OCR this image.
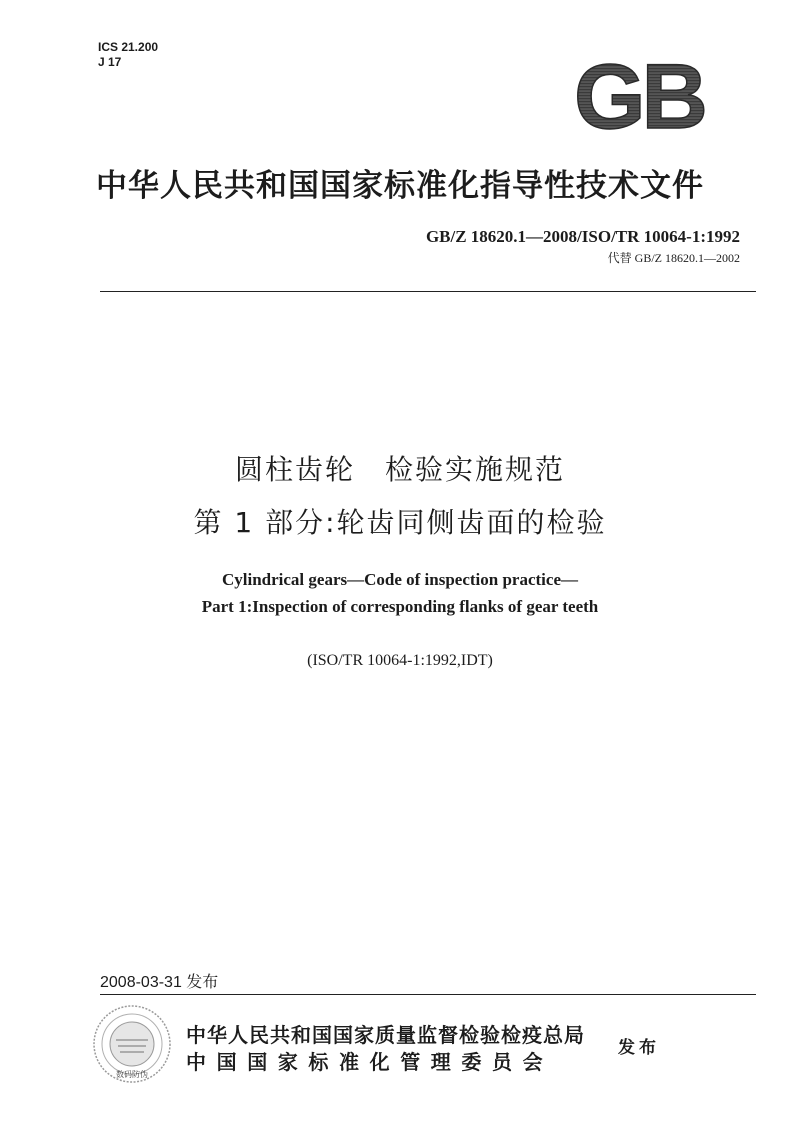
ICS 21.200
J 17	GB
中华人民共和国国家标准化指导性技术文件
GB/Z 18620.1—2008/ISO/TR 10064-1:1992
代替 GB/Z 18620.1—2002
圆柱齿轮　检验实施规范
第 1 部分:轮齿同侧齿面的检验
Cylindrical gears—Code of inspection practice—
Part 1:Inspection of corresponding flanks of gear teeth
(ISO/TR 10064-1:1992,IDT)
2008-03-31 发布
数码防伪
中华人民共和国国家质量监督检验检疫总局
中国国家标准化管理委员会
发布
